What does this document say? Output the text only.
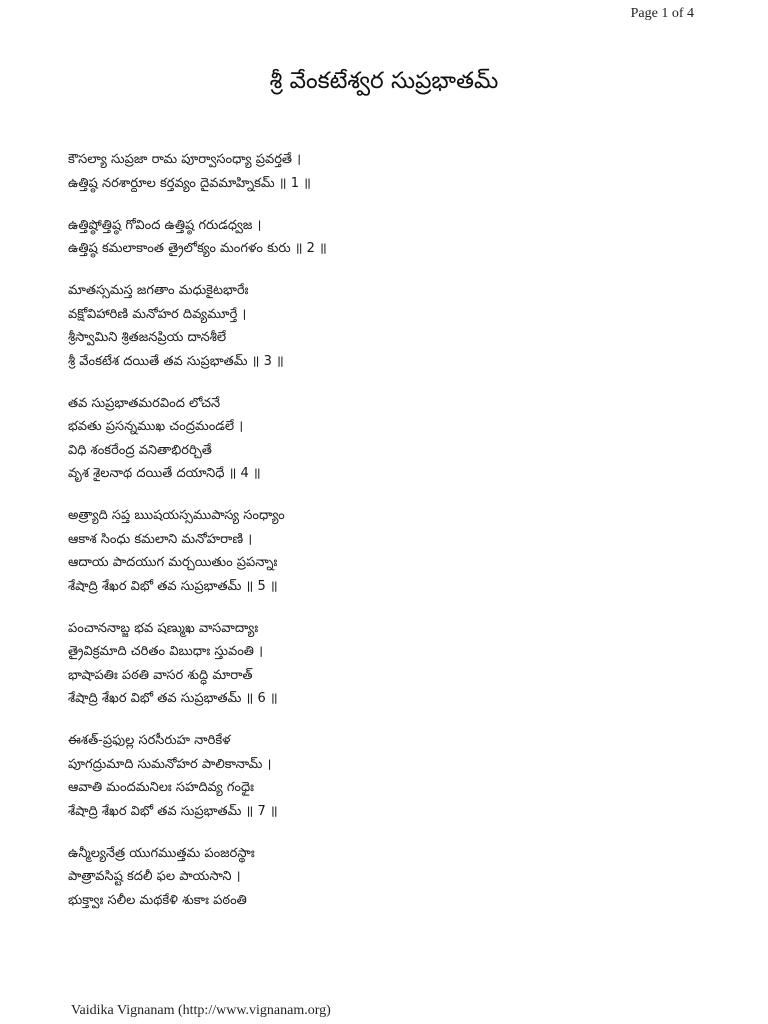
Page 1 of 4
శ్రీ వేంకటేశ్వర సుప్రభాతమ్
కౌసల్యా సుప్రజా రామ పూర్వాసంధ్యా ప్రవర్తతే ।
ఉత్తిష్ఠ నరశార్దూల కర్తవ్యం దైవమాహ్నికమ్ ॥ 1 ॥
ఉత్తిష్ఠోత్తిష్ఠ గోవింద ఉత్తిష్ఠ గరుడధ్వజ ।
ఉత్తిష్ఠ కమలాకాంత త్రైలోక్యం మంగళం కురు ॥ 2 ॥
మాతస్సమస్త జగతాం మధుకైటభారేః
వక్షోవిహారిణి మనోహర దివ్యమూర్తే ।
శ్రీస్వామిని శ్రితజనప్రియ దానశీలే
శ్రీ వేంకటేశ దయితే తవ సుప్రభాతమ్ ॥ 3 ॥
తవ సుప్రభాతమరవింద లోచనే
భవతు ప్రసన్నముఖ చంద్రమండలే ।
విధి శంకరేంద్ర వనితాభిరర్చితే
వృశ శైలనాథ దయితే దయానిధే ॥ 4 ॥
అత్ర్యాది సప్త ఋషయస్సముపాస్య సంధ్యాం
ఆకాశ సింధు కమలాని మనోహరాణి ।
ఆదాయ పాదయుగ మర్చయితుం ప్రపన్నాః
శేషాద్రి శేఖర విభో తవ సుప్రభాతమ్ ॥ 5 ॥
పంచాననాబ్జ భవ షణ్ముఖ వాసవాద్యాః
త్రైవిక్రమాది చరితం విబుధాః స్తువంతి ।
భాషాపతిః పఠతి వాసర శుద్ధి మారాత్
శేషాద్రి శేఖర విభో తవ సుప్రభాతమ్ ॥ 6 ॥
ఈశత్-ప్రఫుల్ల సరసీరుహ నారికేళ
పూగద్రుమాది సుమనోహర పాలికానామ్ ।
ఆవాతి మందమనిలః సహదివ్య గంధైః
శేషాద్రి శేఖర విభో తవ సుప్రభాతమ్ ॥ 7 ॥
ఉన్మీల్యనేత్ర యుగముత్తమ పంజరస్థాః
పాత్రావసిష్ట కదలీ ఫల పాయసాని ।
భుక్త్వాః సలీల మథకేళి శుకాః పఠంతి
Vaidika Vignanam (http://www.vignanam.org)
